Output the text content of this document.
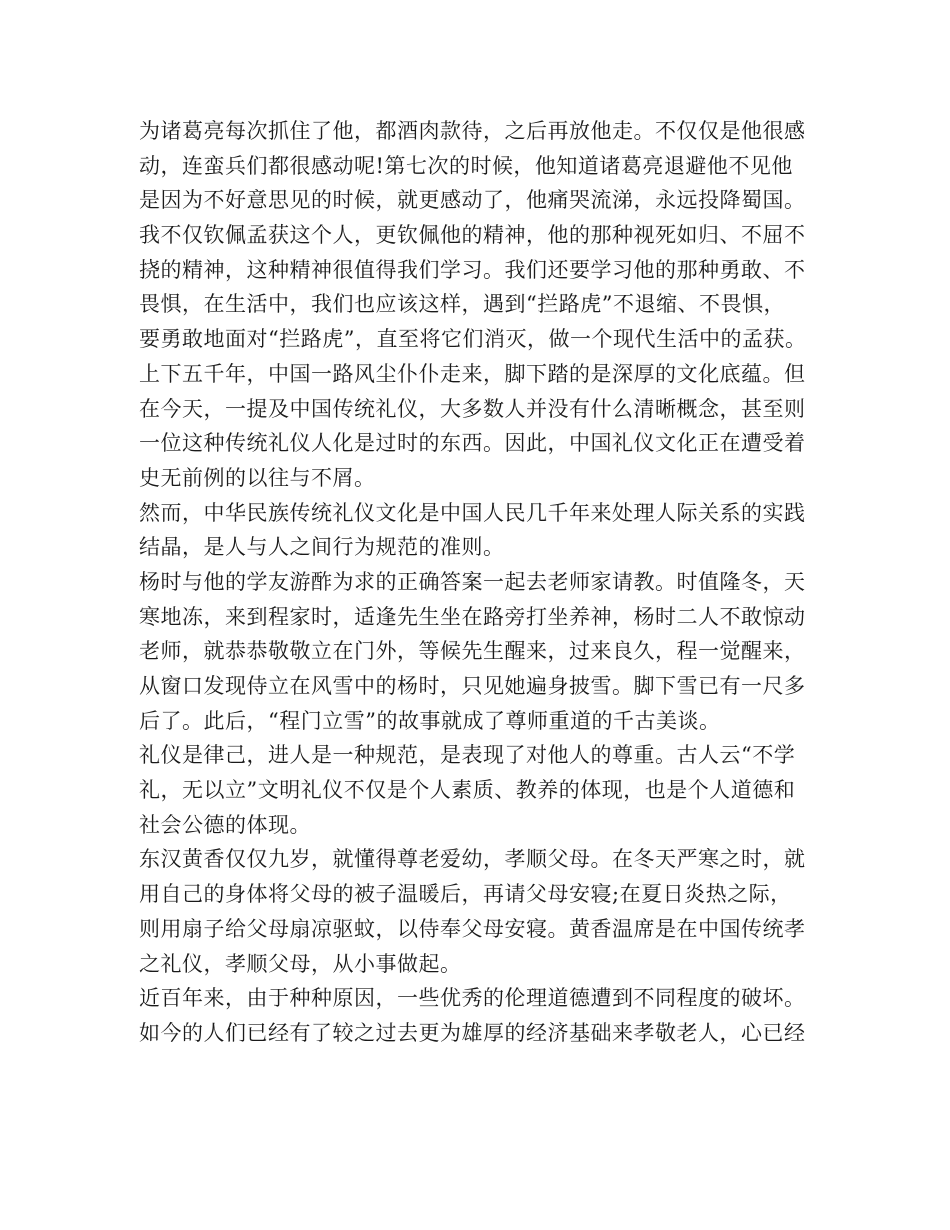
为诸葛亮每次抓住了他，都酒肉款待，之后再放他走。不仅仅是他很感
动，连蛮兵们都很感动呢!第七次的时候，他知道诸葛亮退避他不见他
是因为不好意思见的时候，就更感动了，他痛哭流涕，永远投降蜀国。
我不仅钦佩孟获这个人，更钦佩他的精神，他的那种视死如归、不屈不
挠的精神，这种精神很值得我们学习。我们还要学习他的那种勇敢、不
畏惧，在生活中，我们也应该这样，遇到“拦路虎”不退缩、不畏惧，
要勇敢地面对“拦路虎”，直至将它们消灭，做一个现代生活中的孟获。
上下五千年，中国一路风尘仆仆走来，脚下踏的是深厚的文化底蕴。但
在今天，一提及中国传统礼仪，大多数人并没有什么清晰概念，甚至则
一位这种传统礼仪人化是过时的东西。因此，中国礼仪文化正在遭受着
史无前例的以往与不屑。
然而，中华民族传统礼仪文化是中国人民几千年来处理人际关系的实践
结晶，是人与人之间行为规范的准则。
杨时与他的学友游酢为求的正确答案一起去老师家请教。时值隆冬，天
寒地冻，来到程家时，适逢先生坐在路旁打坐养神，杨时二人不敢惊动
老师，就恭恭敬敬立在门外，等候先生醒来，过来良久，程一觉醒来，
从窗口发现侍立在风雪中的杨时，只见她遍身披雪。脚下雪已有一尺多
后了。此后，“程门立雪”的故事就成了尊师重道的千古美谈。
礼仪是律己，进人是一种规范，是表现了对他人的尊重。古人云“不学
礼，无以立”文明礼仪不仅是个人素质、教养的体现，也是个人道德和
社会公德的体现。
东汉黄香仅仅九岁，就懂得尊老爱幼，孝顺父母。在冬天严寒之时，就
用自己的身体将父母的被子温暖后，再请父母安寝;在夏日炎热之际，
则用扇子给父母扇凉驱蚊，以侍奉父母安寝。黄香温席是在中国传统孝
之礼仪，孝顺父母，从小事做起。
近百年来，由于种种原因，一些优秀的伦理道德遭到不同程度的破坏。
如今的人们已经有了较之过去更为雄厚的经济基础来孝敬老人，心已经
